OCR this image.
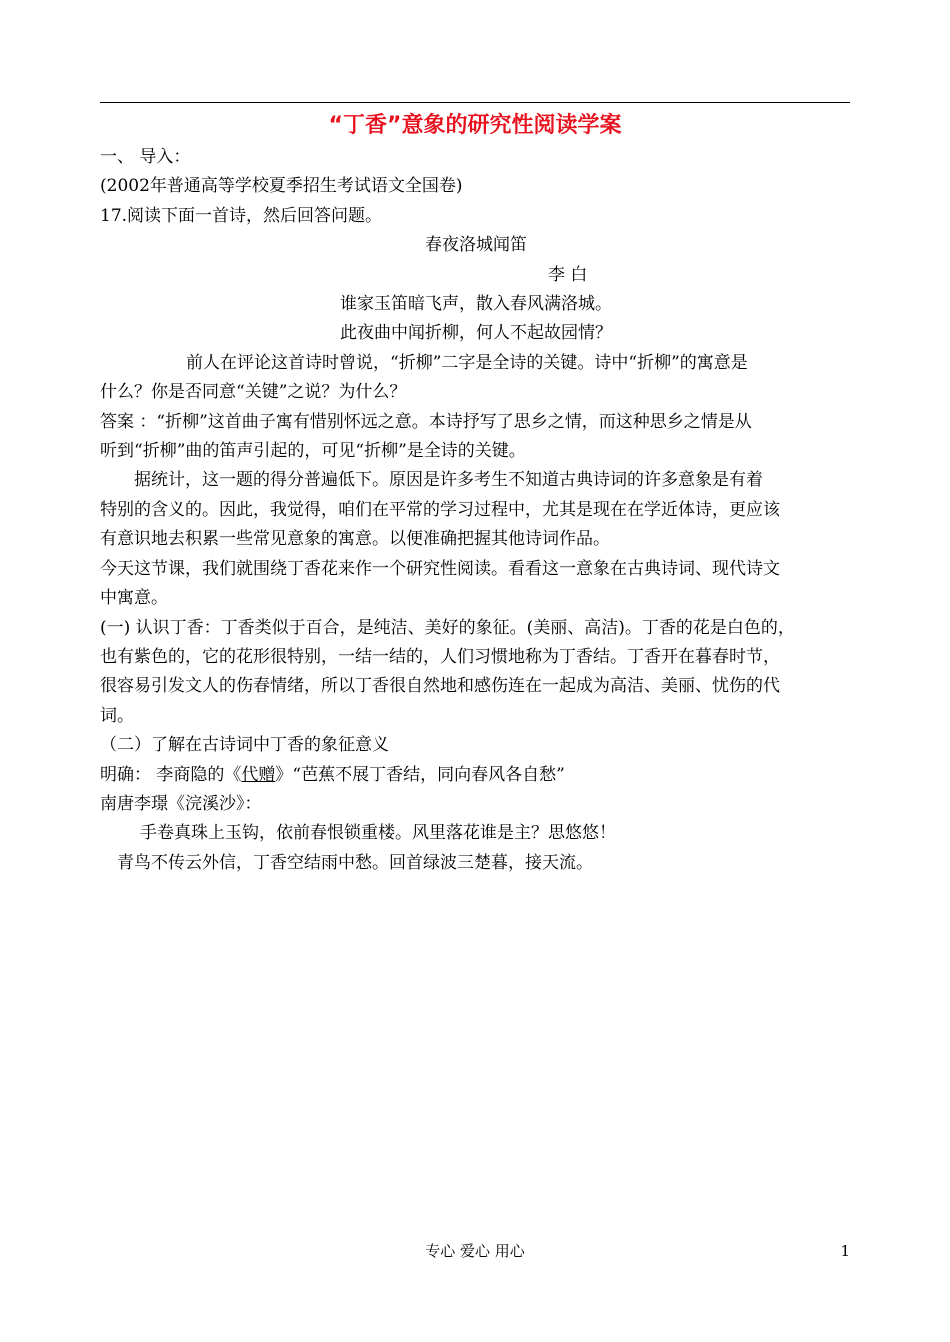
“丁香”意象的研究性阅读学案

一、 导入：

(2002年普通高等学校夏季招生考试语文全国卷)

17.阅读下面一首诗，然后回答问题。

春夜洛城闻笛

李 白

谁家玉笛暗飞声，散入春风满洛城。

此夜曲中闻折柳，何人不起故园情？

前人在评论这首诗时曾说，“折柳”二字是全诗的关键。诗中“折柳”的寓意是

什么？你是否同意“关键”之说？为什么？

答案 ：“折柳”这首曲子寓有惜别怀远之意。本诗抒写了思乡之情，而这种思乡之情是从

听到“折柳”曲的笛声引起的，可见“折柳”是全诗的关键。

据统计，这一题的得分普遍低下。原因是许多考生不知道古典诗词的许多意象是有着

特别的含义的。因此，我觉得，咱们在平常的学习过程中，尤其是现在在学近体诗，更应该

有意识地去积累一些常见意象的寓意。以便准确把握其他诗词作品。

今天这节课，我们就围绕丁香花来作一个研究性阅读。看看这一意象在古典诗词、现代诗文

中寓意。

(一) 认识丁香：丁香类似于百合，是纯洁、美好的象征。(美丽、高洁)。丁香的花是白色的，

也有紫色的，它的花形很特别，一结一结的，人们习惯地称为丁香结。丁香开在暮春时节，

很容易引发文人的伤春情绪，所以丁香很自然地和感伤连在一起成为高洁、美丽、忧伤的代

词。

（二）了解在古诗词中丁香的象征意义

明确： 李商隐的《代赠》“芭蕉不展丁香结，同向春风各自愁”

南唐李璟《浣溪沙》：

手卷真珠上玉钩，依前春恨锁重楼。风里落花谁是主？思悠悠！

青鸟不传云外信，丁香空结雨中愁。回首绿波三楚暮，接天流。

专心 爱心 用心	1
